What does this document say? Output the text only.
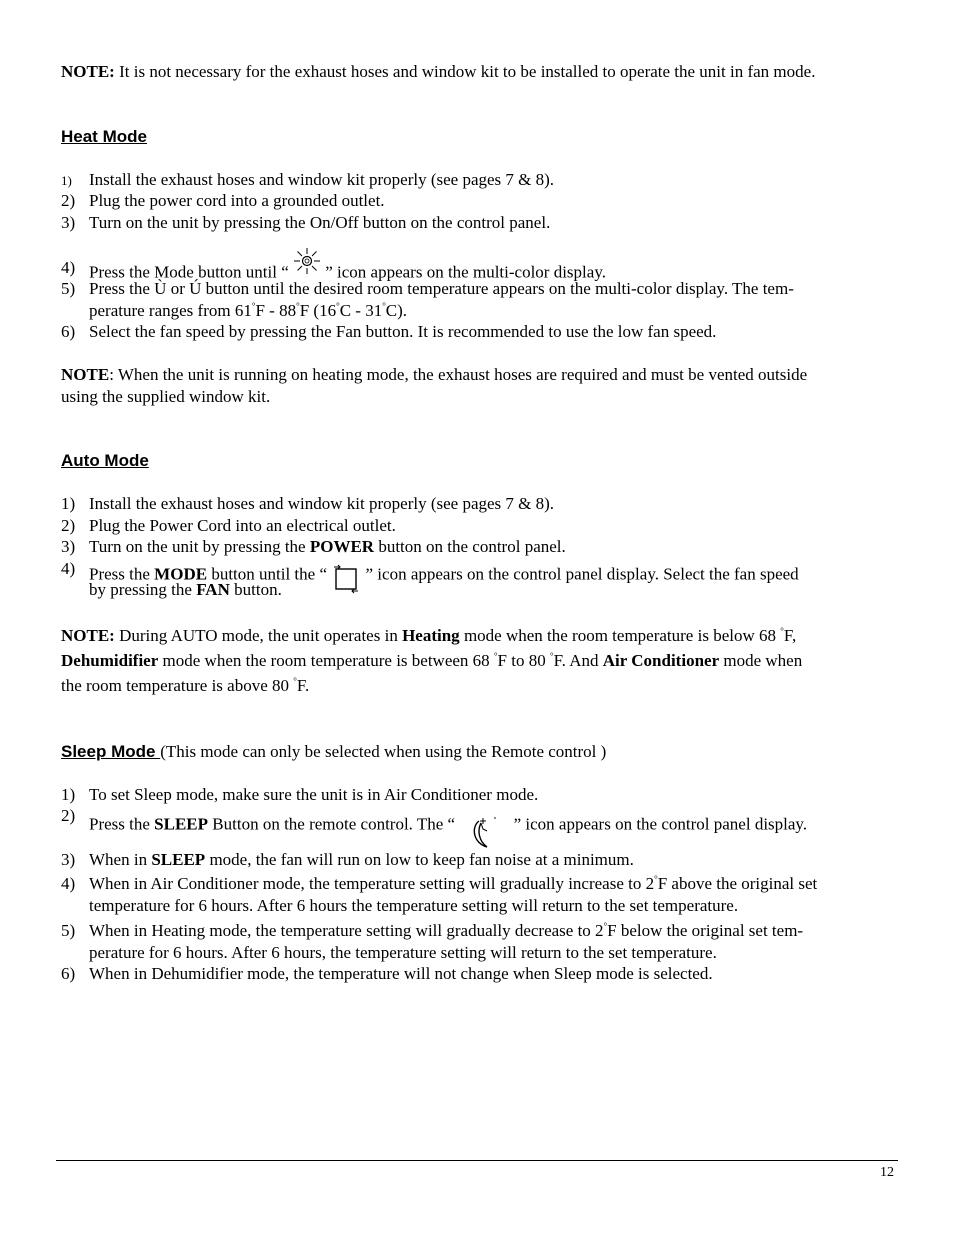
NOTE: It is not necessary for the exhaust hoses and window kit to be installed to operate the unit in fan mode.
Heat Mode
1) Install the exhaust hoses and window kit properly (see pages 7 & 8).
2) Plug the power cord into a grounded outlet.
3) Turn on the unit by pressing the On/Off button on the control panel.
4) Press the Mode button until “  ” icon appears on the multi-color display.
5) Press the Ù or Ú button until the desired room temperature appears on the multi-color display. The tem-
perature ranges from 61°F - 88°F (16°C - 31°C).
6) Select the fan speed by pressing the Fan button. It is recommended to use the low fan speed.
NOTE: When the unit is running on heating mode, the exhaust hoses are required and must be vented outside
using the supplied window kit.
Auto Mode
1) Install the exhaust hoses and window kit properly (see pages 7 & 8).
2) Plug the Power Cord into an electrical outlet.
3) Turn on the unit by pressing the POWER button on the control panel.
4) Press the MODE button until the “  ” icon appears on the control panel display. Select the fan speed
by pressing the FAN button.
NOTE: During AUTO mode, the unit operates in Heating mode when the room temperature is below 68 °F,
Dehumidifier mode when the room temperature is between 68 °F to 80 °F. And Air Conditioner mode when
the room temperature is above 80 °F.
Sleep Mode (This mode can only be selected when using the Remote control )
1) To set Sleep mode, make sure the unit is in Air Conditioner mode.
2) Press the SLEEP Button on the remote control. The “	” icon appears on the control panel display.
3) When in SLEEP mode, the fan will run on low to keep fan noise at a minimum.
4) When in Air Conditioner mode, the temperature setting will gradually increase to 2°F above the original set
temperature for 6 hours. After 6 hours the temperature setting will return to the set temperature.
5) When in Heating mode, the temperature setting will gradually decrease to 2°F below the original set tem-
perature for 6 hours. After 6 hours, the temperature setting will return to the set temperature.
6) When in Dehumidifier mode, the temperature will not change when Sleep mode is selected.
12
